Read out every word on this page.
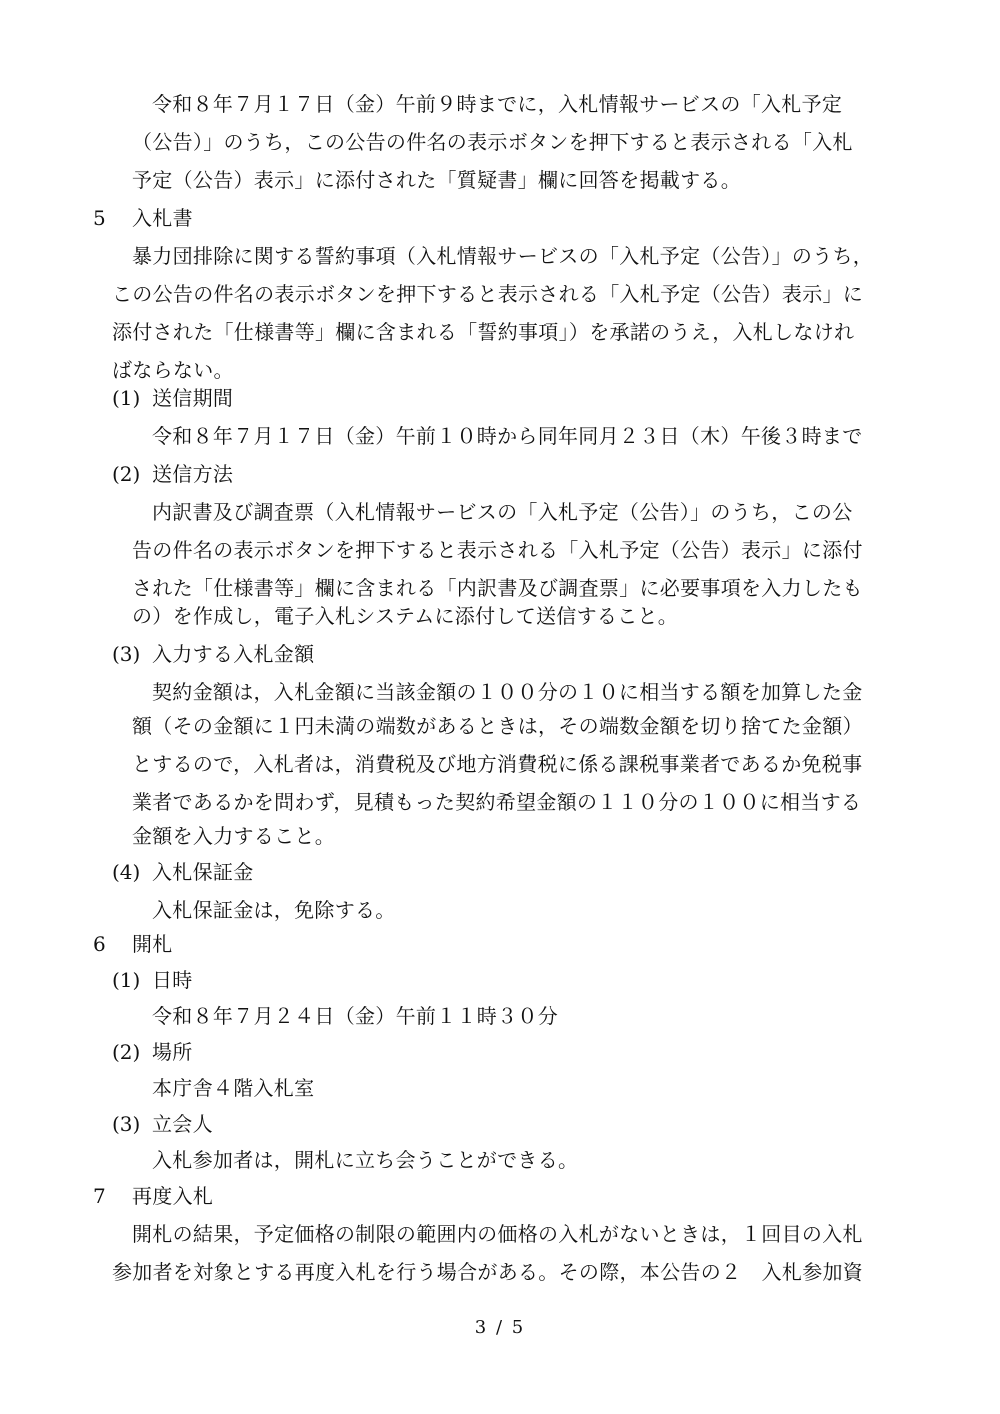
令和８年７月１７日（金）午前９時までに，入札情報サービスの「入札予定
（公告）」のうち，この公告の件名の表示ボタンを押下すると表示される「入札
予定（公告）表示」に添付された「質疑書」欄に回答を掲載する。
5 入札書
暴力団排除に関する誓約事項（入札情報サービスの「入札予定（公告）」のうち，
この公告の件名の表示ボタンを押下すると表示される「入札予定（公告）表示」に
添付された「仕様書等」欄に含まれる「誓約事項」）を承諾のうえ，入札しなけれ
ばならない。
(1) 送信期間
令和８年７月１７日（金）午前１０時から同年同月２３日（木）午後３時まで
(2) 送信方法
内訳書及び調査票（入札情報サービスの「入札予定（公告）」のうち，この公
告の件名の表示ボタンを押下すると表示される「入札予定（公告）表示」に添付
された「仕様書等」欄に含まれる「内訳書及び調査票」に必要事項を入力したも
の）を作成し，電子入札システムに添付して送信すること。
(3) 入力する入札金額
契約金額は，入札金額に当該金額の１００分の１０に相当する額を加算した金
額（その金額に１円未満の端数があるときは，その端数金額を切り捨てた金額）
とするので，入札者は，消費税及び地方消費税に係る課税事業者であるか免税事
業者であるかを問わず，見積もった契約希望金額の１１０分の１００に相当する
金額を入力すること。
(4) 入札保証金
入札保証金は，免除する。
6 開札
(1) 日時
令和８年７月２４日（金）午前１１時３０分
(2) 場所
本庁舎４階入札室
(3) 立会人
入札参加者は，開札に立ち会うことができる。
7 再度入札
開札の結果，予定価格の制限の範囲内の価格の入札がないときは，１回目の入札
参加者を対象とする再度入札を行う場合がある。その際，本公告の２　入札参加資
3 / 5
